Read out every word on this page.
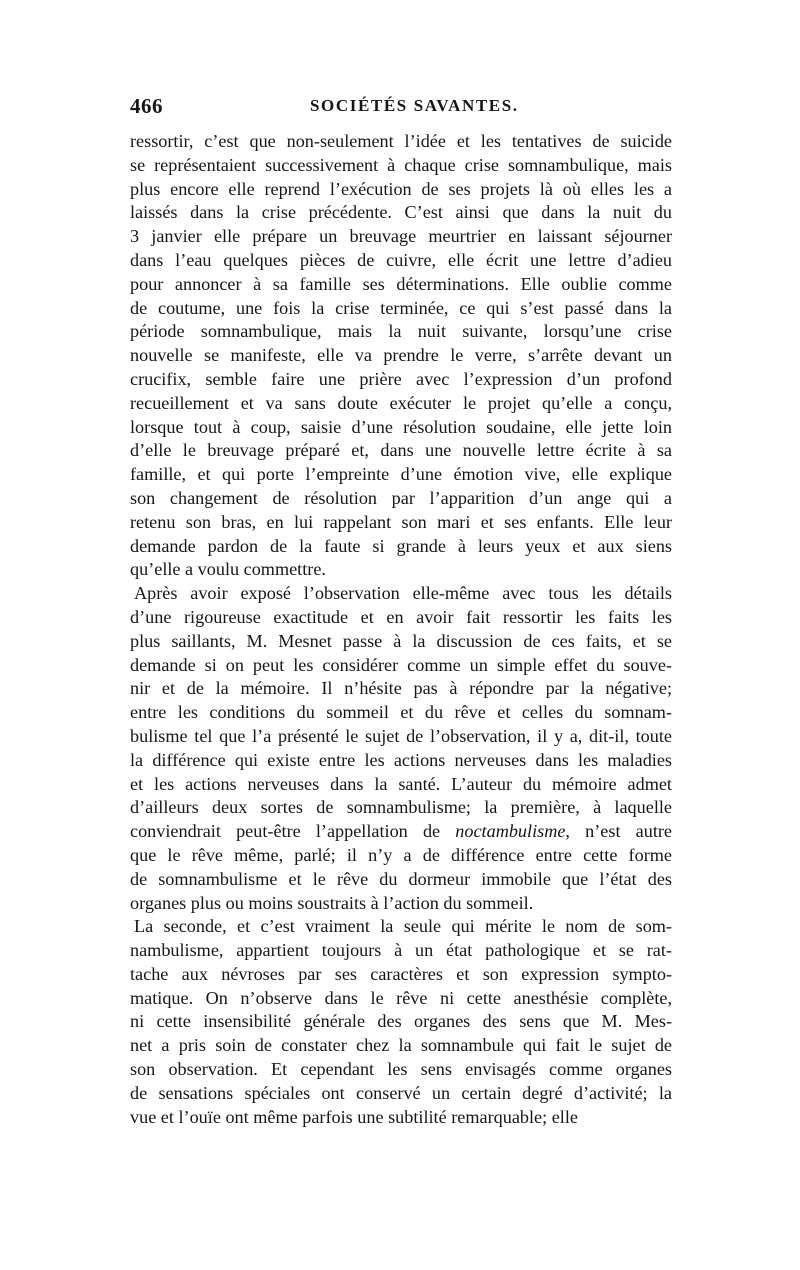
466	SOCIÉTÉS SAVANTES.
ressortir, c’est que non-seulement l’idée et les tentatives de suicide
se représentaient successivement à chaque crise somnambulique, mais
plus encore elle reprend l’exécution de ses projets là où elles les a
laissés dans la crise précédente. C’est ainsi que dans la nuit du
3 janvier elle prépare un breuvage meurtrier en laissant séjourner
dans l’eau quelques pièces de cuivre, elle écrit une lettre d’adieu
pour annoncer à sa famille ses déterminations. Elle oublie comme
de coutume, une fois la crise terminée, ce qui s’est passé dans la
période somnambulique, mais la nuit suivante, lorsqu’une crise
nouvelle se manifeste, elle va prendre le verre, s’arrête devant un
crucifix, semble faire une prière avec l’expression d’un profond
recueillement et va sans doute exécuter le projet qu’elle a conçu,
lorsque tout à coup, saisie d’une résolution soudaine, elle jette loin
d’elle le breuvage préparé et, dans une nouvelle lettre écrite à sa
famille, et qui porte l’empreinte d’une émotion vive, elle explique
son changement de résolution par l’apparition d’un ange qui a
retenu son bras, en lui rappelant son mari et ses enfants. Elle leur
demande pardon de la faute si grande à leurs yeux et aux siens
qu’elle a voulu commettre.
Après avoir exposé l’observation elle-même avec tous les détails
d’une rigoureuse exactitude et en avoir fait ressortir les faits les
plus saillants, M. Mesnet passe à la discussion de ces faits, et se
demande si on peut les considérer comme un simple effet du souve-
nir et de la mémoire. Il n’hésite pas à répondre par la négative;
entre les conditions du sommeil et du rêve et celles du somnam-
bulisme tel que l’a présenté le sujet de l’observation, il y a, dit-il, toute
la différence qui existe entre les actions nerveuses dans les maladies
et les actions nerveuses dans la santé. L’auteur du mémoire admet
d’ailleurs deux sortes de somnambulisme; la première, à laquelle
conviendrait peut-être l’appellation de noctambulisme, n’est autre
que le rêve même, parlé; il n’y a de différence entre cette forme
de somnambulisme et le rêve du dormeur immobile que l’état des
organes plus ou moins soustraits à l’action du sommeil.
La seconde, et c’est vraiment la seule qui mérite le nom de som-
nambulisme, appartient toujours à un état pathologique et se rat-
tache aux névroses par ses caractères et son expression sympto-
matique. On n’observe dans le rêve ni cette anesthésie complète,
ni cette insensibilité générale des organes des sens que M. Mes-
net a pris soin de constater chez la somnambule qui fait le sujet de
son observation. Et cependant les sens envisagés comme organes
de sensations spéciales ont conservé un certain degré d’activité; la
vue et l’ouïe ont même parfois une subtilité remarquable; elle
